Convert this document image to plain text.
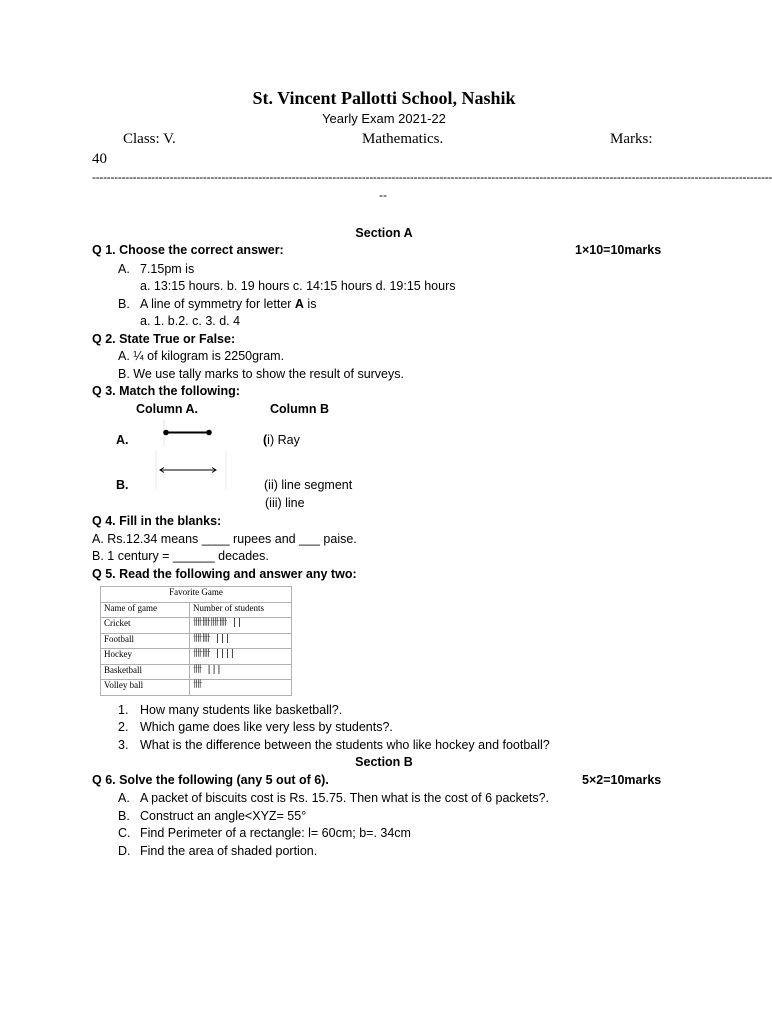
St. Vincent Pallotti School, Nashik
Yearly Exam 2021-22
Class: V.	Mathematics.	Marks:
40
----------------------------------------------------------------------------------------------------------------------------------------------------------------------------------------
--
Section A
Q 1. Choose the correct answer:	1×10=10marks
A. 7.15pm is
a. 13:15 hours. b. 19 hours c. 14:15 hours d. 19:15 hours
B. A line of symmetry for letter A is
a. 1. b.2. c. 3. d. 4
Q 2. State True or False:
A. ¼ of kilogram is 2250gram.
B. We use tally marks to show the result of surveys.
Q 3. Match the following:
Column A.	Column B
A.
B.
(i) Ray
(ii) line segment
(iii) line
Q 4. Fill in the blanks:
A. Rs.12.34 means ____ rupees and ___ paise.
B. 1 century = ______ decades.
Q 5. Read the following and answer any two:
Favorite Game	
Name of game	Number of students
Cricket	卌卌卌卌 ||
Football	卌卌 |||
Hockey	卌卌 ||||
Basketball	卌 |||
Volley ball	卌
1. How many students like basketball?.
2. Which game does like very less by students?.
3. What is the difference between the students who like hockey and football?
Section B
Q 6. Solve the following (any 5 out of 6).	5×2=10marks
A. A packet of biscuits cost is Rs. 15.75. Then what is the cost of 6 packets?.
B. Construct an angle<XYZ= 55°
C. Find Perimeter of a rectangle: l= 60cm; b=. 34cm
D. Find the area of shaded portion.
